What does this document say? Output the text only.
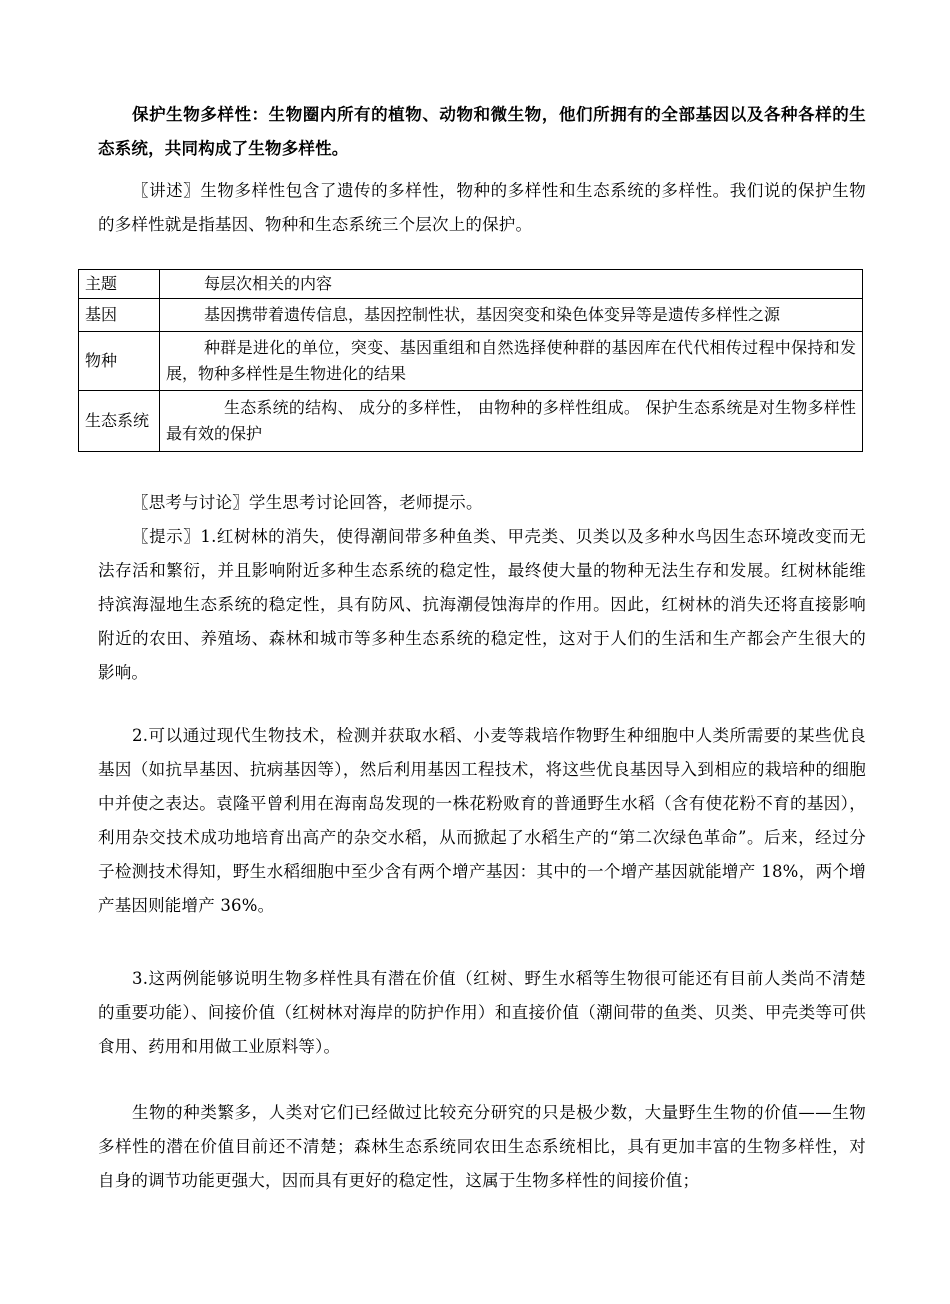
保护生物多样性：生物圈内所有的植物、动物和微生物，他们所拥有的全部基因以及各种各样的生态系统，共同构成了生物多样性。

〖讲述〗生物多样性包含了遗传的多样性，物种的多样性和生态系统的多样性。我们说的保护生物的多样性就是指基因、物种和生态系统三个层次上的保护。

主题	每层次相关的内容

基因	基因携带着遗传信息，基因控制性状，基因突变和染色体变异等是遗传多样性之源

物种	种群是进化的单位，突变、基因重组和自然选择使种群的基因库在代代相传过程中保持和发展，物种多样性是生物进化的结果

生态系统	生态系统的结构、 成分的多样性， 由物种的多样性组成。 保护生态系统是对生物多样性最有效的保护

〖思考与讨论〗学生思考讨论回答，老师提示。

〖提示〗1.红树林的消失，使得潮间带多种鱼类、甲壳类、贝类以及多种水鸟因生态环境改变而无法存活和繁衍，并且影响附近多种生态系统的稳定性，最终使大量的物种无法生存和发展。红树林能维持滨海湿地生态系统的稳定性，具有防风、抗海潮侵蚀海岸的作用。因此，红树林的消失还将直接影响附近的农田、养殖场、森林和城市等多种生态系统的稳定性，这对于人们的生活和生产都会产生很大的影响。

2.可以通过现代生物技术，检测并获取水稻、小麦等栽培作物野生种细胞中人类所需要的某些优良基因（如抗旱基因、抗病基因等），然后利用基因工程技术，将这些优良基因导入到相应的栽培种的细胞中并使之表达。袁隆平曾利用在海南岛发现的一株花粉败育的普通野生水稻（含有使花粉不育的基因），利用杂交技术成功地培育出高产的杂交水稻，从而掀起了水稻生产的“第二次绿色革命”。后来，经过分子检测技术得知，野生水稻细胞中至少含有两个增产基因：其中的一个增产基因就能增产 18%，两个增产基因则能增产 36%。

3.这两例能够说明生物多样性具有潜在价值（红树、野生水稻等生物很可能还有目前人类尚不清楚的重要功能）、间接价值（红树林对海岸的防护作用）和直接价值（潮间带的鱼类、贝类、甲壳类等可供食用、药用和用做工业原料等）。

生物的种类繁多，人类对它们已经做过比较充分研究的只是极少数，大量野生生物的价值——生物多样性的潜在价值目前还不清楚；森林生态系统同农田生态系统相比，具有更加丰富的生物多样性，对自身的调节功能更强大，因而具有更好的稳定性，这属于生物多样性的间接价值；
